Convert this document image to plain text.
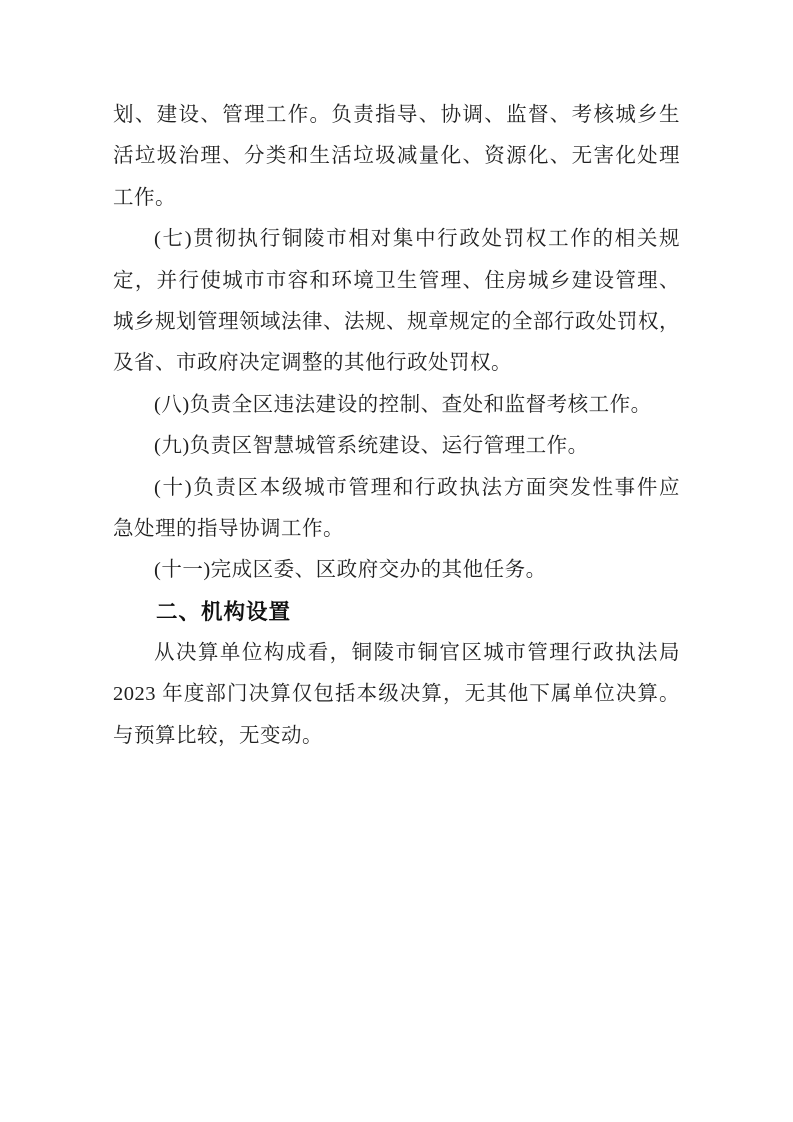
划、建设、管理工作。负责指导、协调、监督、考核城乡生
活垃圾治理、分类和生活垃圾减量化、资源化、无害化处理
工作。
(七)贯彻执行铜陵市相对集中行政处罚权工作的相关规
定，并行使城市市容和环境卫生管理、住房城乡建设管理、
城乡规划管理领域法律、法规、规章规定的全部行政处罚权，
及省、市政府决定调整的其他行政处罚权。
(八)负责全区违法建设的控制、查处和监督考核工作。
(九)负责区智慧城管系统建设、运行管理工作。
(十)负责区本级城市管理和行政执法方面突发性事件应
急处理的指导协调工作。
(十一)完成区委、区政府交办的其他任务。
二、机构设置
从决算单位构成看，铜陵市铜官区城市管理行政执法局
2023 年度部门决算仅包括本级决算，无其他下属单位决算。
与预算比较，无变动。
